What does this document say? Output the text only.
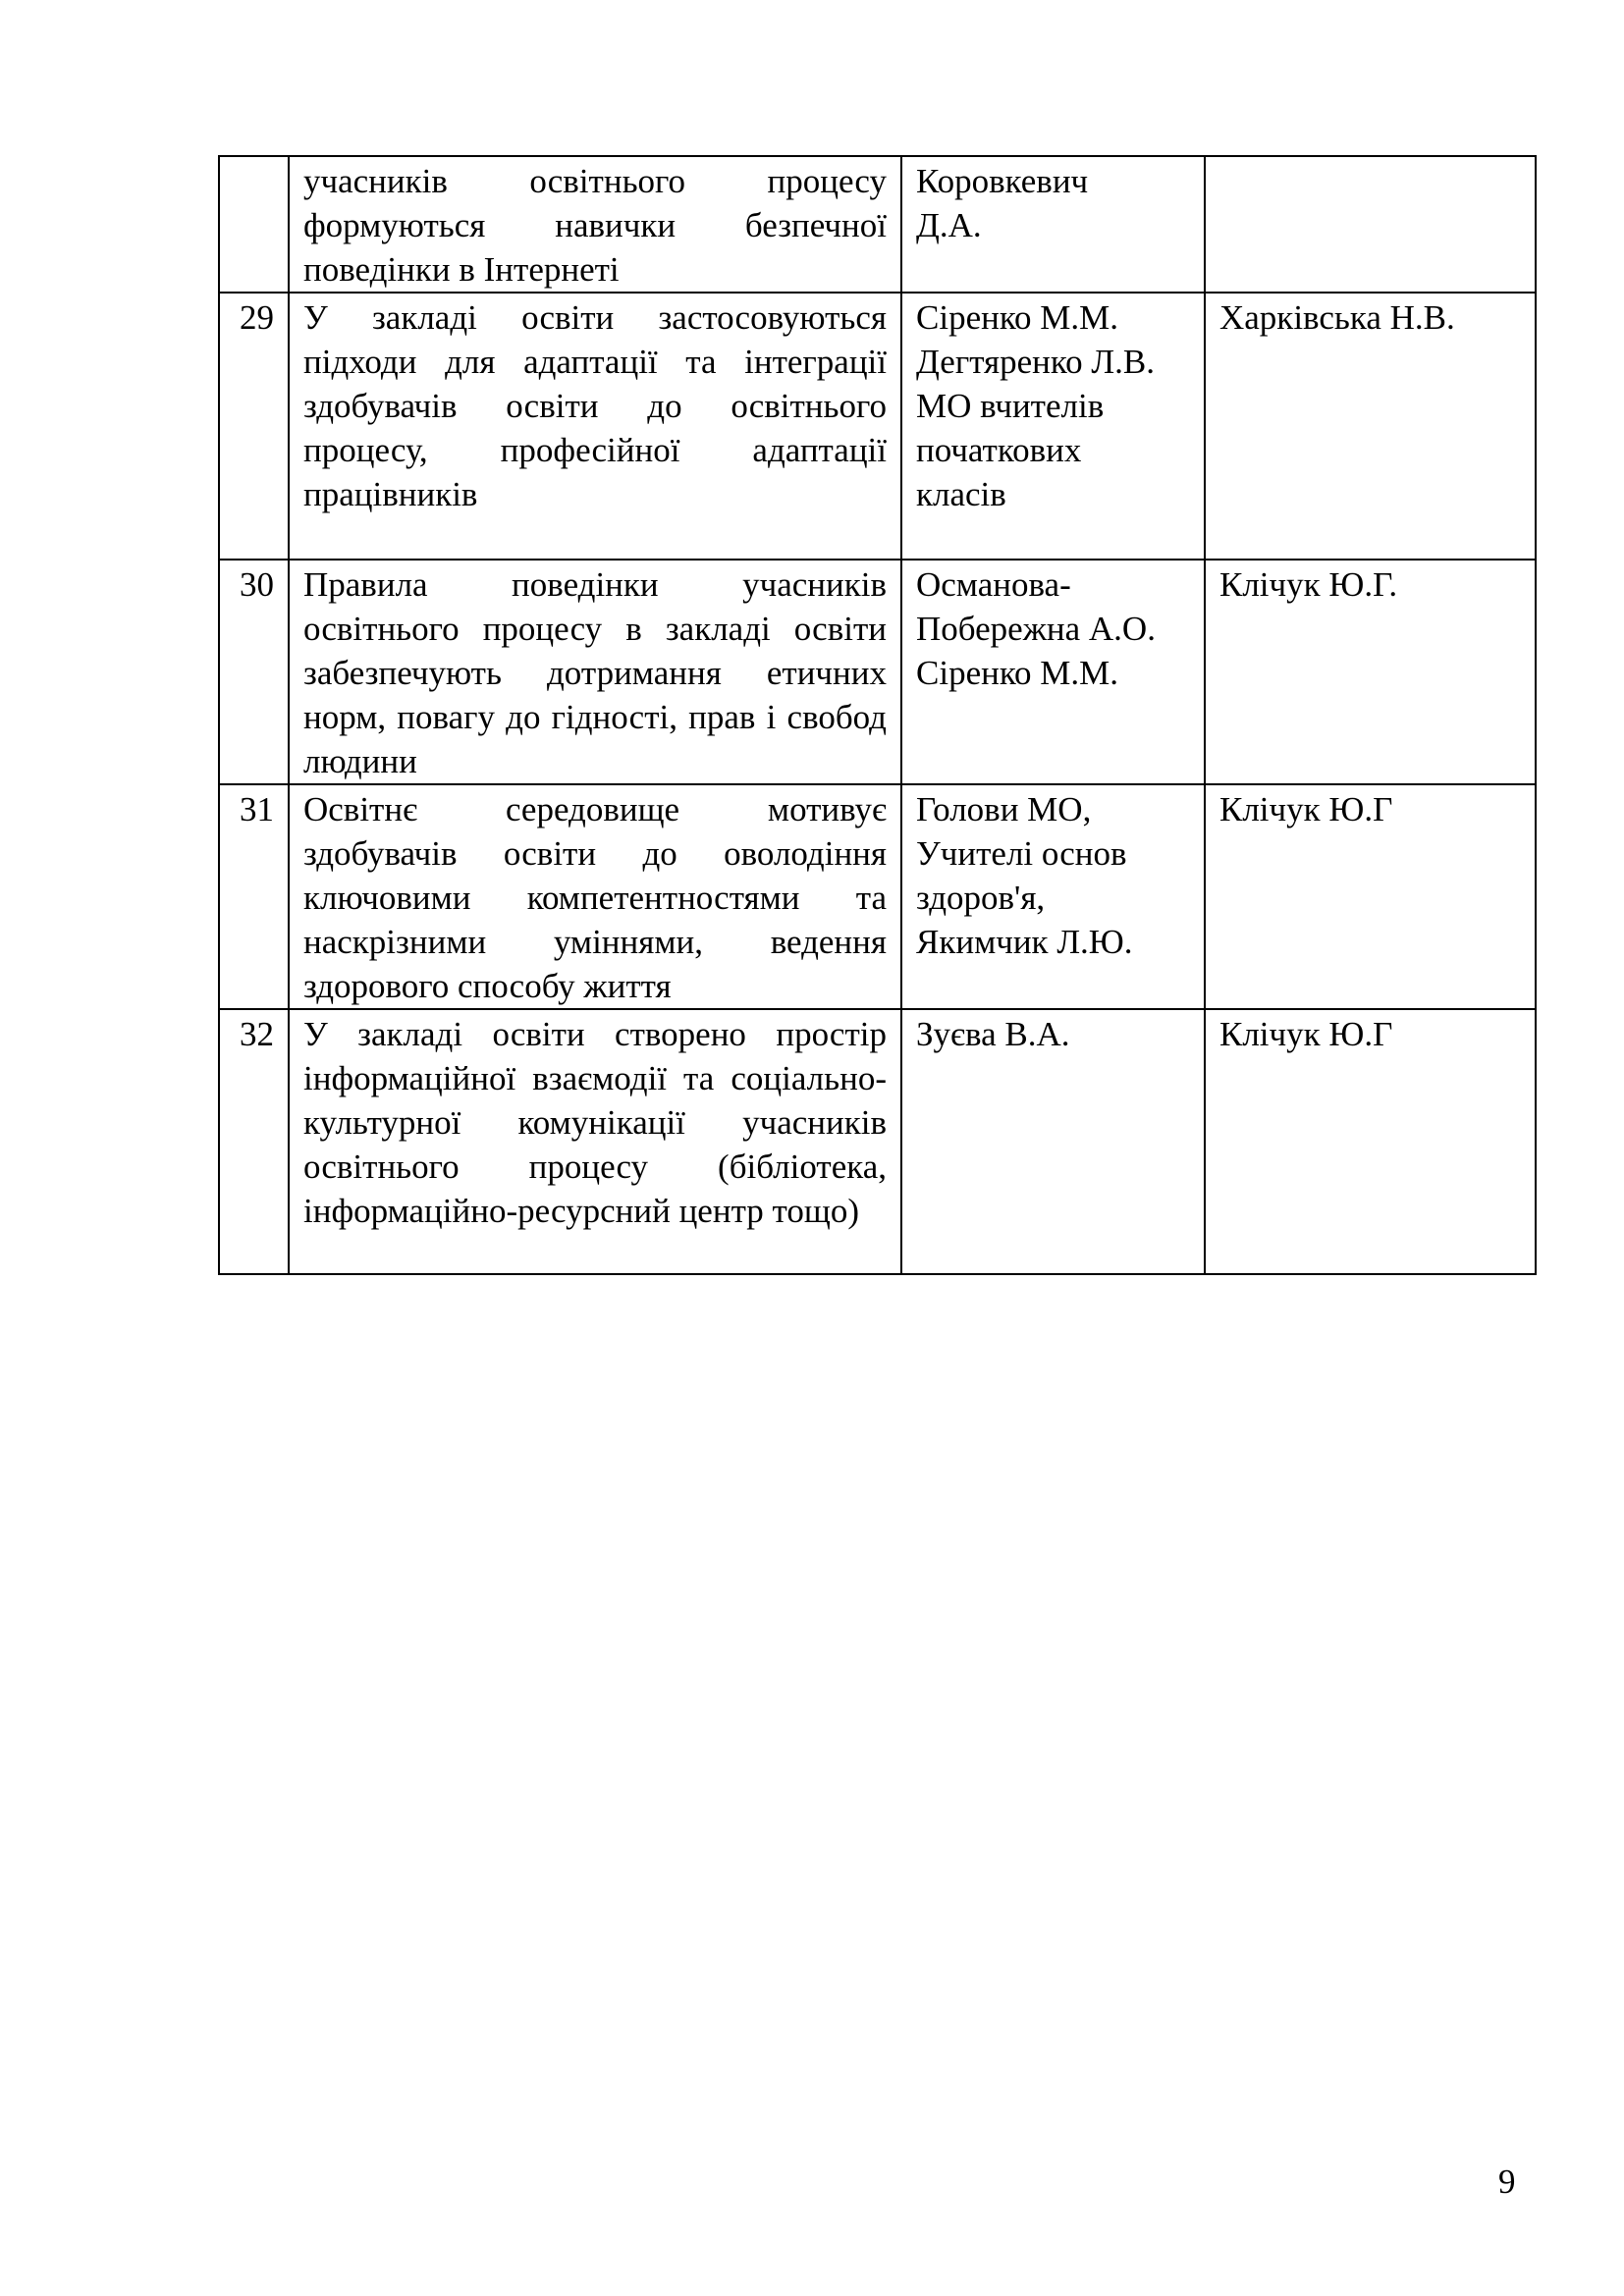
	учасників освітнього процесу формуються навички безпечної поведінки в Інтернеті	Коровкевич
Д.А.	

29	У закладі освіти застосовуються підходи для адаптації та інтеграції здобувачів освіти до освітнього процесу, професійної адаптації працівників	Сіренко М.М.
Дегтяренко Л.В.
МО вчителів
початкових
класів	Харківська Н.В.
30	Правила поведінки учасників освітнього процесу в закладі освіти забезпечують дотримання етичних норм, повагу до гідності, прав і свобод людини	Османова-
Побережна А.О.
Сіренко М.М.	Клічук Ю.Г.
31	Освітнє середовище мотивує здобувачів освіти до оволодіння ключовими компетентностями та наскрізними уміннями, ведення здорового способу життя	Голови МО,
Учителі основ
здоров'я,
Якимчик Л.Ю.	Клічук Ю.Г
32	У закладі освіти створено простір інформаційної взаємодії та соціально-культурної комунікації учасників освітнього процесу (бібліотека, інформаційно-ресурсний центр тощо)	Зуєва В.А.	Клічук Ю.Г
9
